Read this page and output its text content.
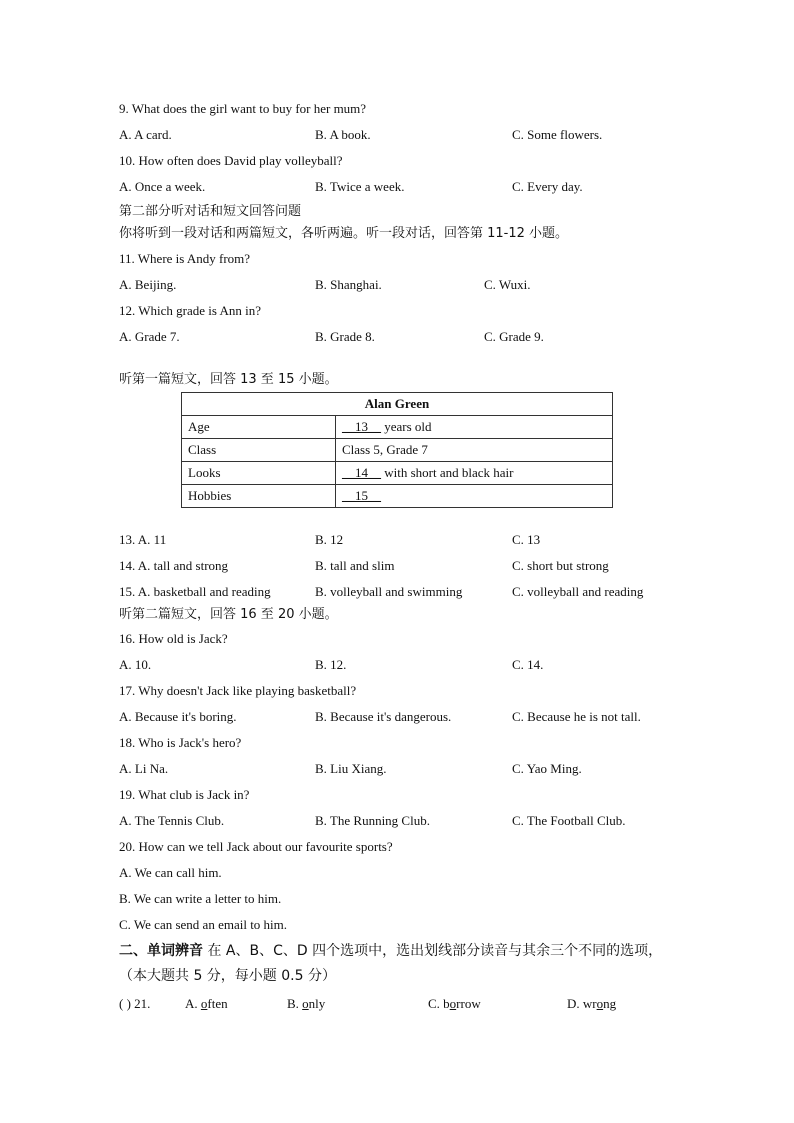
9. What does the girl want to buy for her mum?
A. A card.	B. A book.	C. Some flowers.
10. How often does David play volleyball?
A. Once a week.	B. Twice a week.	C. Every day.
第二部分听对话和短文回答问题
你将听到一段对话和两篇短文，各听两遍。听一段对话，回答第 11-12 小题。
11. Where is Andy from?
A. Beijing.	B. Shanghai.	C. Wuxi.
12. Which grade is Ann in?
A. Grade 7.	B. Grade 8.	C. Grade 9.
听第一篇短文，回答 13 至 15 小题。
Alan Green	
Age	__13__ years old
Class	Class 5, Grade 7
Looks	__14__ with short and black hair
Hobbies	__15__
13. A. 11	B. 12	C. 13
14. A. tall and strong	B. tall and slim	C. short but strong
15. A. basketball and reading	B. volleyball and swimming	C. volleyball and reading
听第二篇短文，回答 16 至 20 小题。
16. How old is Jack?
A. 10.	B. 12.	C. 14.
17. Why doesn't Jack like playing basketball?
A. Because it's boring.	B. Because it's dangerous.	C. Because he is not tall.
18. Who is Jack's hero?
A. Li Na.	B. Liu Xiang.	C. Yao Ming.
19. What club is Jack in?
A. The Tennis Club.	B. The Running Club.	C. The Football Club.
20. How can we tell Jack about our favourite sports?
A. We can call him.
B. We can write a letter to him.
C. We can send an email to him.
二、单词辨音 在 A、B、C、D 四个选项中，选出划线部分读音与其余三个不同的选项，
（本大题共 5 分，每小题 0.5 分）
( ) 21.	A. often	B. only	C. borrow	D. wrong
